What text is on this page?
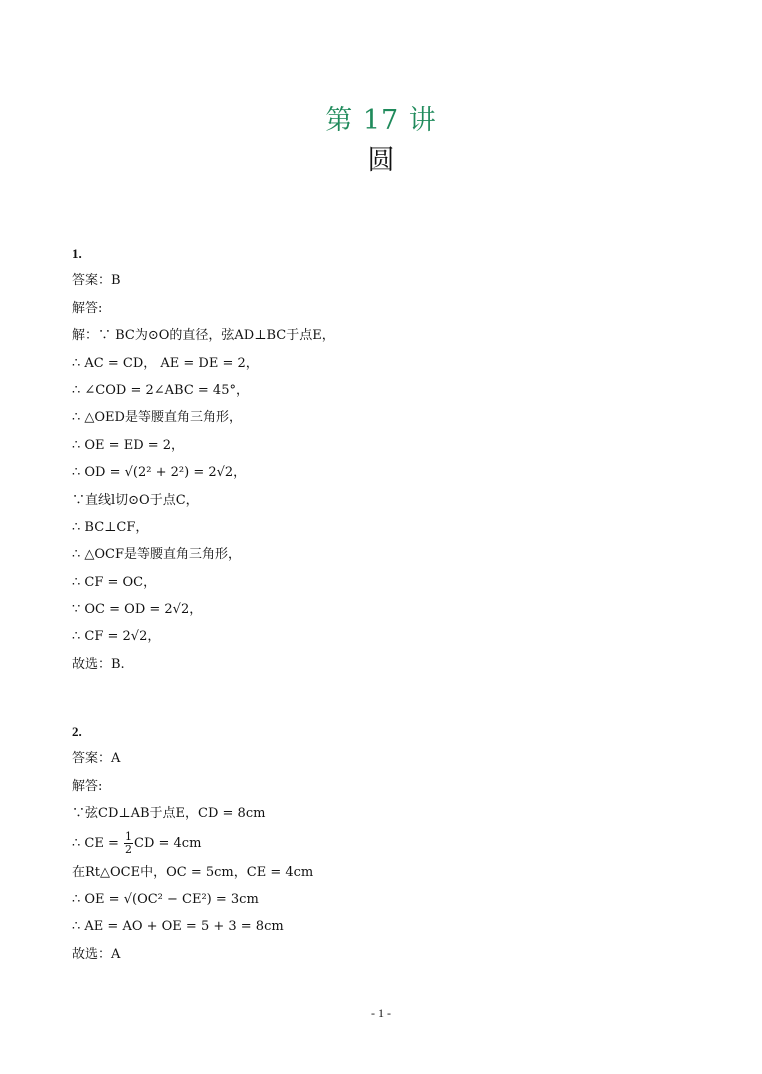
第 17 讲
圆
1.
答案：B
解答:
解：∵ BC为⊙O的直径，弦AD⊥BC于点E，
∴ AC = CD， AE = DE = 2，
∴ ∠COD = 2∠ABC = 45°，
∴ △OED是等腰直角三角形，
∴ OE = ED = 2，
∴ OD = √(2² + 2²) = 2√2，
∵直线l切⊙O于点C，
∴ BC⊥CF，
∴ △OCF是等腰直角三角形，
∴ CF = OC，
∵ OC = OD = 2√2，
∴ CF = 2√2，
故选：B.
2.
答案：A
解答:
∵弦CD⊥AB于点E，CD = 8cm
∴ CE = $\frac{1}{2}$ CD = 4cm
在Rt△OCE中，OC = 5cm，CE = 4cm
∴ OE = √(OC² − CE²) = 3cm
∴ AE = AO + OE = 5 + 3 = 8cm
故选：A
- 1 -
